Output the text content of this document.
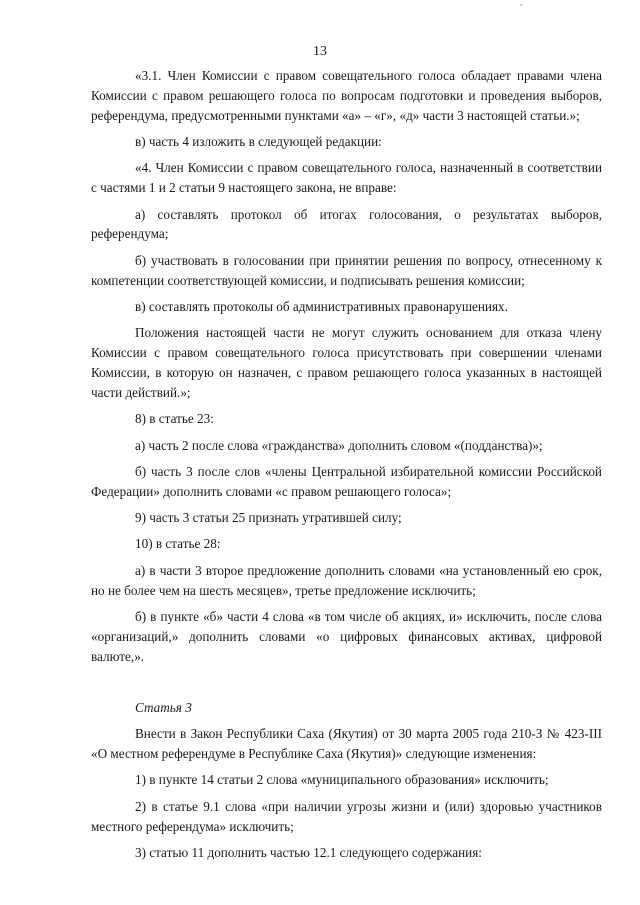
13

«3.1. Член Комиссии с правом совещательного голоса обладает правами члена Комиссии с правом решающего голоса по вопросам подготовки и проведения выборов, референдума, предусмотренными пунктами «а» – «г», «д» части 3 настоящей статьи.»;

в) часть 4 изложить в следующей редакции:

«4. Член Комиссии с правом совещательного голоса, назначенный в соответствии с частями 1 и 2 статьи 9 настоящего закона, не вправе:

а) составлять протокол об итогах голосования, о результатах выборов, референдума;

б) участвовать в голосовании при принятии решения по вопросу, отнесенному к компетенции соответствующей комиссии, и подписывать решения комиссии;

в) составлять протоколы об административных правонарушениях.

Положения настоящей части не могут служить основанием для отказа члену Комиссии с правом совещательного голоса присутствовать при совершении членами Комиссии, в которую он назначен, с правом решающего голоса указанных в настоящей части действий.»;

8) в статье 23:

а) часть 2 после слова «гражданства» дополнить словом «(подданства)»;

б) часть 3 после слов «члены Центральной избирательной комиссии Российской Федерации» дополнить словами «с правом решающего голоса»;

9) часть 3 статьи 25 признать утратившей силу;

10) в статье 28:

а) в части 3 второе предложение дополнить словами «на установленный ею срок, но не более чем на шесть месяцев», третье предложение исключить;

б) в пункте «б» части 4 слова «в том числе об акциях, и» исключить, после слова «организаций,» дополнить словами «о цифровых финансовых активах, цифровой валюте,».

Статья 3

Внести в Закон Республики Саха (Якутия) от 30 марта 2005 года 210-З № 423-III «О местном референдуме в Республике Саха (Якутия)» следующие изменения:

1) в пункте 14 статьи 2 слова «муниципального образования» исключить;

2) в статье 9.1 слова «при наличии угрозы жизни и (или) здоровью участников местного референдума» исключить;

3) статью 11 дополнить частью 12.1 следующего содержания:
